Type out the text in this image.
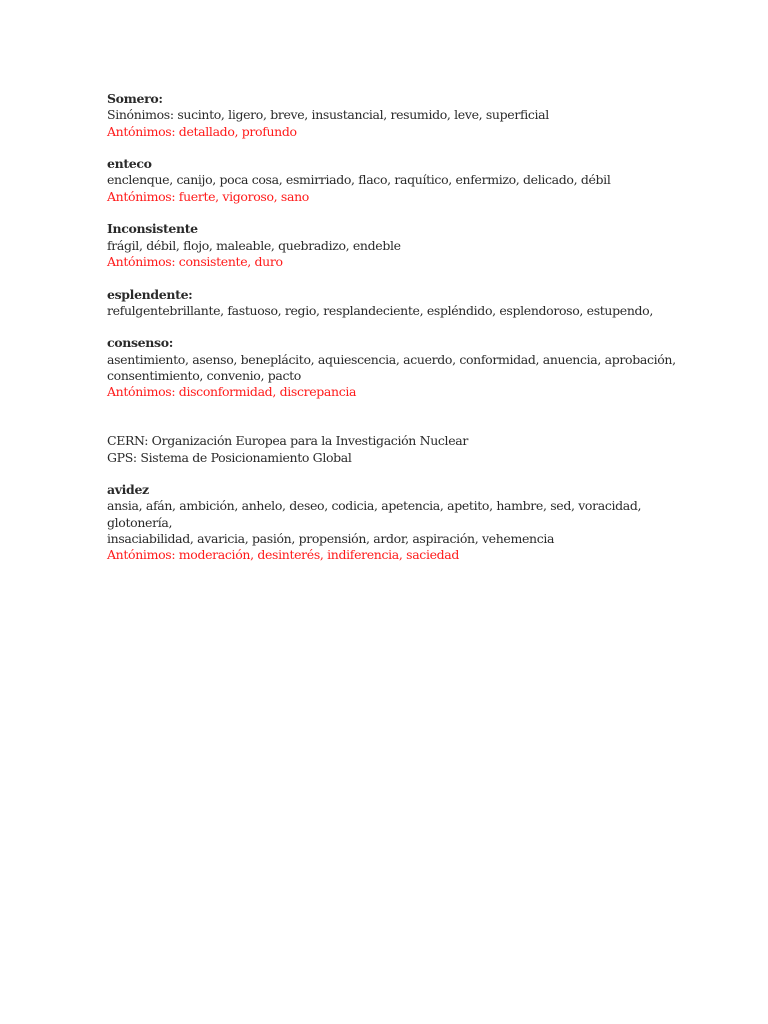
Somero:
Sinónimos: sucinto, ligero, breve, insustancial, resumido, leve, superficial
Antónimos: detallado, profundo
enteco
enclenque, canijo, poca cosa, esmirriado, flaco, raquítico, enfermizo, delicado, débil
Antónimos: fuerte, vigoroso, sano
Inconsistente
frágil, débil, flojo, maleable, quebradizo, endeble
Antónimos: consistente, duro
esplendente:
refulgentebrillante, fastuoso, regio, resplandeciente, espléndido, esplendoroso, estupendo,
consenso:
asentimiento, asenso, beneplácito, aquiescencia, acuerdo, conformidad, anuencia, aprobación,
consentimiento, convenio, pacto
Antónimos: disconformidad, discrepancia
CERN: Organización Europea para la Investigación Nuclear
GPS: Sistema de Posicionamiento Global
avidez
ansia, afán, ambición, anhelo, deseo, codicia, apetencia, apetito, hambre, sed, voracidad, glotonería,
insaciabilidad, avaricia, pasión, propensión, ardor, aspiración, vehemencia
Antónimos: moderación, desinterés, indiferencia, saciedad
